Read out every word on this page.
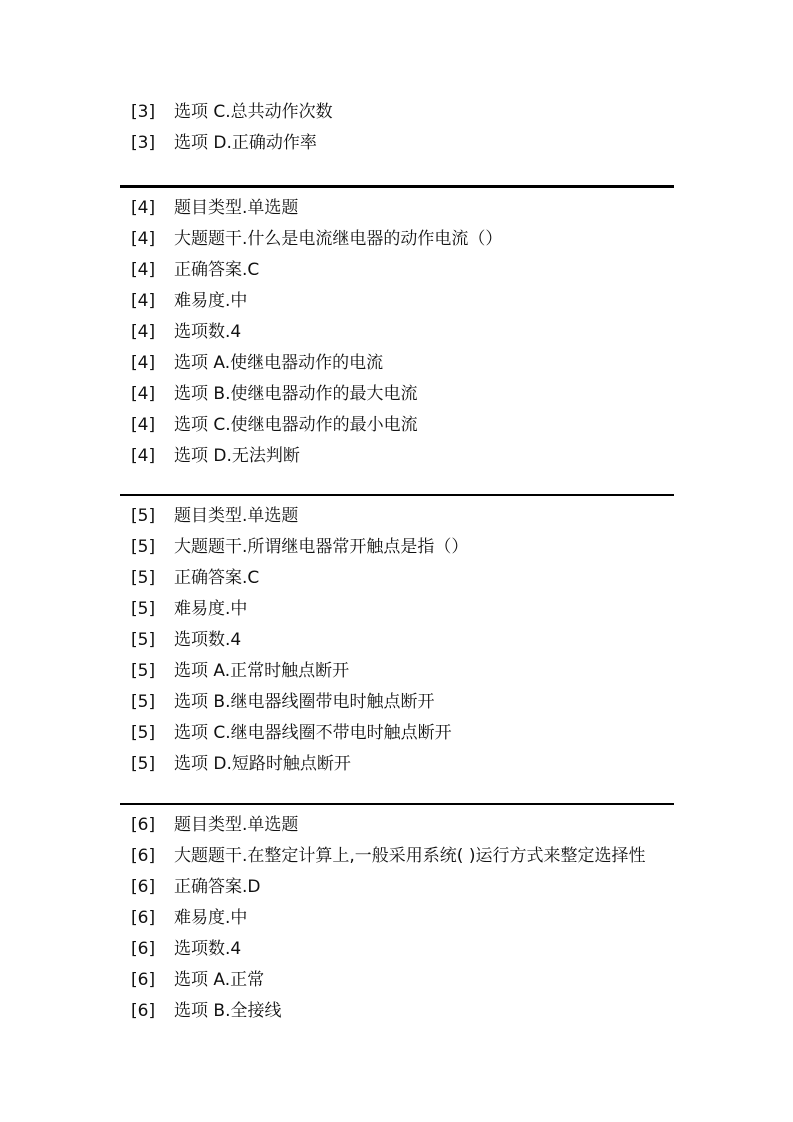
[3] 选项 C.总共动作次数
[3] 选项 D.正确动作率
[4] 题目类型.单选题
[4] 大题题干.什么是电流继电器的动作电流（）
[4] 正确答案.C
[4] 难易度.中
[4] 选项数.4
[4] 选项 A.使继电器动作的电流
[4] 选项 B.使继电器动作的最大电流
[4] 选项 C.使继电器动作的最小电流
[4] 选项 D.无法判断
[5] 题目类型.单选题
[5] 大题题干.所谓继电器常开触点是指（）
[5] 正确答案.C
[5] 难易度.中
[5] 选项数.4
[5] 选项 A.正常时触点断开
[5] 选项 B.继电器线圈带电时触点断开
[5] 选项 C.继电器线圈不带电时触点断开
[5] 选项 D.短路时触点断开
[6] 题目类型.单选题
[6] 大题题干.在整定计算上,一般采用系统( )运行方式来整定选择性
[6] 正确答案.D
[6] 难易度.中
[6] 选项数.4
[6] 选项 A.正常
[6] 选项 B.全接线
